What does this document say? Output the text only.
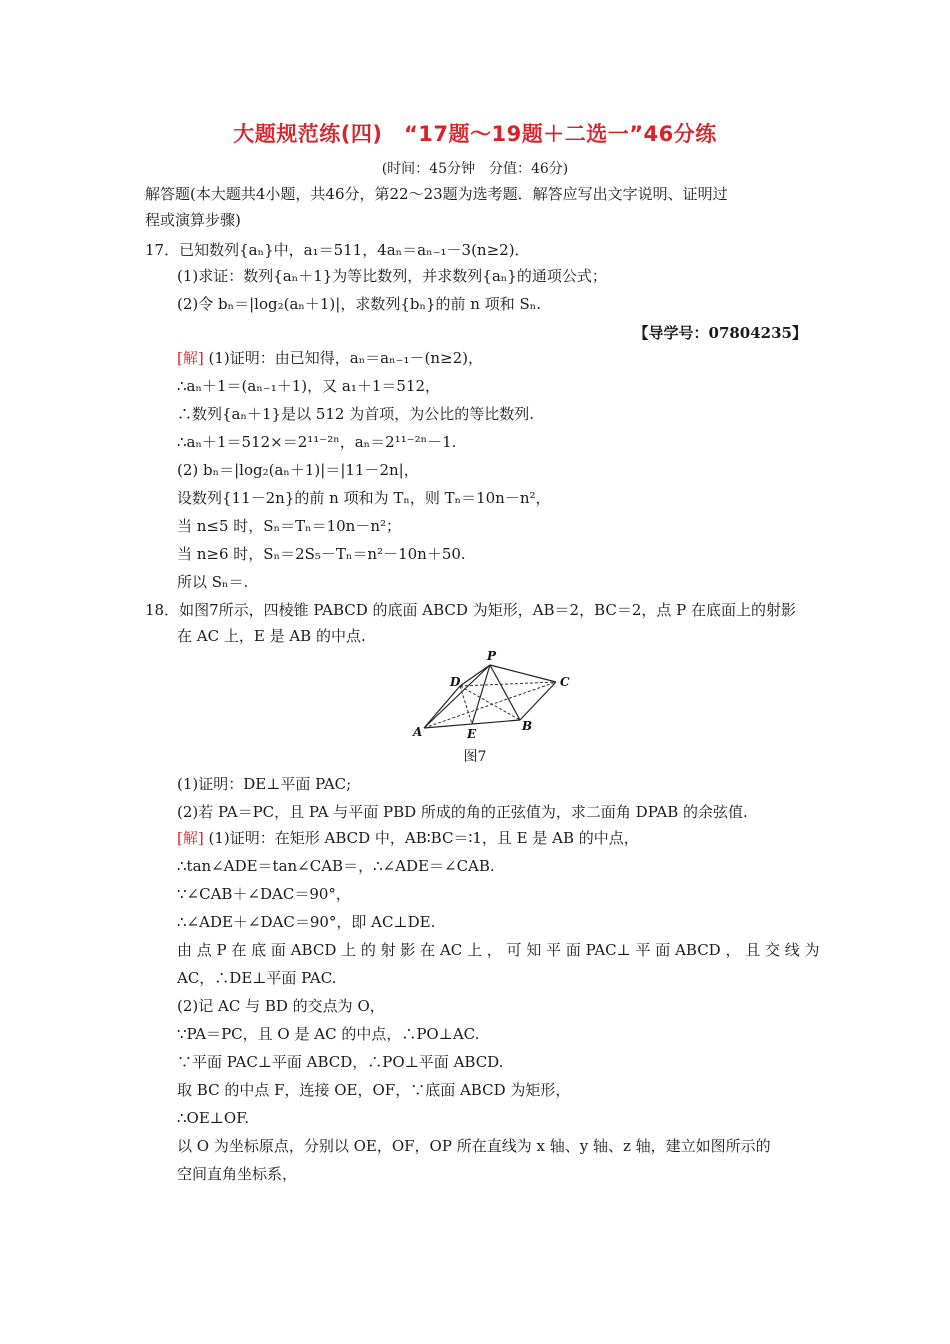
大题规范练(四)　“17题～19题＋二选一”46分练
(时间：45分钟　分值：46分)
解答题(本大题共4小题，共46分，第22～23题为选考题．解答应写出文字说明、证明过
程或演算步骤)
17．已知数列{aₙ}中，a₁＝511，4aₙ＝aₙ₋₁－3(n≥2)．
(1)求证：数列{aₙ＋1}为等比数列，并求数列{aₙ}的通项公式；
(2)令 bₙ＝|log₂(aₙ＋1)|，求数列{bₙ}的前 n 项和 Sₙ.
【导学号：07804235】
[解] (1)证明：由已知得，aₙ＝aₙ₋₁－(n≥2)，
∴aₙ＋1＝(aₙ₋₁＋1)，又 a₁＋1＝512，
∴数列{aₙ＋1}是以 512 为首项，为公比的等比数列.
∴aₙ＋1＝512×＝2¹¹⁻²ⁿ，aₙ＝2¹¹⁻²ⁿ－1.
(2) bₙ＝|log₂(aₙ＋1)|＝|11－2n|，
设数列{11－2n}的前 n 项和为 Tₙ，则 Tₙ＝10n－n²，
当 n≤5 时，Sₙ＝Tₙ＝10n－n²；
当 n≥6 时，Sₙ＝2S₅－Tₙ＝n²－10n＋50.
所以 Sₙ＝.
18．如图7所示，四棱锥 PABCD 的底面 ABCD 为矩形，AB＝2，BC＝2，点 P 在底面上的射影
在 AC 上，E 是 AB 的中点.
P
D	C
A	E
B
图7
(1)证明：DE⊥平面 PAC;
(2)若 PA＝PC，且 PA 与平面 PBD 所成的角的正弦值为，求二面角 DPAB 的余弦值.
[解] (1)证明：在矩形 ABCD 中，AB∶BC＝∶1，且 E 是 AB 的中点，
∴tan∠ADE＝tan∠CAB＝，∴∠ADE＝∠CAB.
∵∠CAB＋∠DAC＝90°，
∴∠ADE＋∠DAC＝90°，即 AC⊥DE.
由 点 P 在 底 面 ABCD 上 的 射 影 在 AC 上 ， 可 知 平 面 PAC⊥ 平 面 ABCD ， 且 交 线 为
AC，∴DE⊥平面 PAC.
(2)记 AC 与 BD 的交点为 O，
∵PA＝PC，且 O 是 AC 的中点，∴PO⊥AC.
∵平面 PAC⊥平面 ABCD，∴PO⊥平面 ABCD.
取 BC 的中点 F，连接 OE，OF，∵底面 ABCD 为矩形，
∴OE⊥OF.
以 O 为坐标原点，分别以 OE，OF，OP 所在直线为 x 轴、y 轴、z 轴，建立如图所示的
空间直角坐标系，
